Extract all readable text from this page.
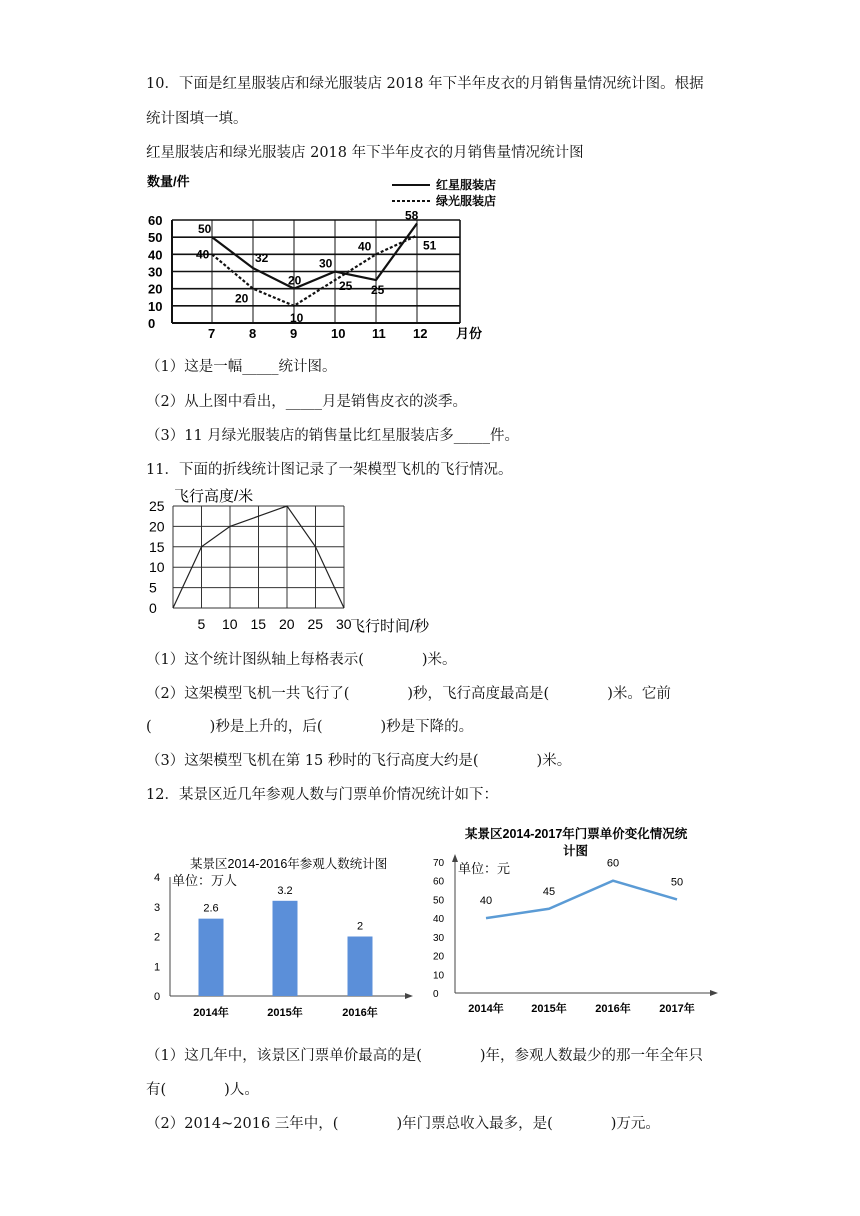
10．下面是红星服装店和绿光服装店 2018 年下半年皮衣的月销售量情况统计图。根据
统计图填一填。
红星服装店和绿光服装店 2018 年下半年皮衣的月销售量情况统计图
0
10
20
30
40
50
60
7	8	9	10 11 12
50
32
20
30
25
58
40
20
10
25
40	51
数量/件
月份
红星服装店
绿光服装店
（1）这是一幅_____统计图。
（2）从上图中看出，_____月是销售皮衣的淡季。
（3）11 月绿光服装店的销售量比红星服装店多_____件。
11．下面的折线统计图记录了一架模型飞机的飞行情况。
0
5
10
15
20
25
5 10 15 20 25 30
飞行高度/米
飞行时间/秒
（1）这个统计图纵轴上每格表示(　　　　)米。
（2）这架模型飞机一共飞行了(　　　　)秒，飞行高度最高是(　　　　)米。它前
(　　　　)秒是上升的，后(　　　　)秒是下降的。
（3）这架模型飞机在第 15 秒时的飞行高度大约是(　　　　)米。
12．某景区近几年参观人数与门票单价情况统计如下：
某景区2014-2016年参观人数统计图
单位：万人
0
1
2
3
4
2.6
3.2
2
2014年	2015年	2016年
某景区2014-2017年门票单价变化情况统
计图
单位：元
0
10
20
30
40
50
60
70
40
45
60
50
2014年	2015年	2016年	2017年
（1）这几年中，该景区门票单价最高的是(　　　　)年，参观人数最少的那一年全年只
有(　　　　)人。
（2）2014~2016 三年中，(　　　　)年门票总收入最多，是(　　　　)万元。
